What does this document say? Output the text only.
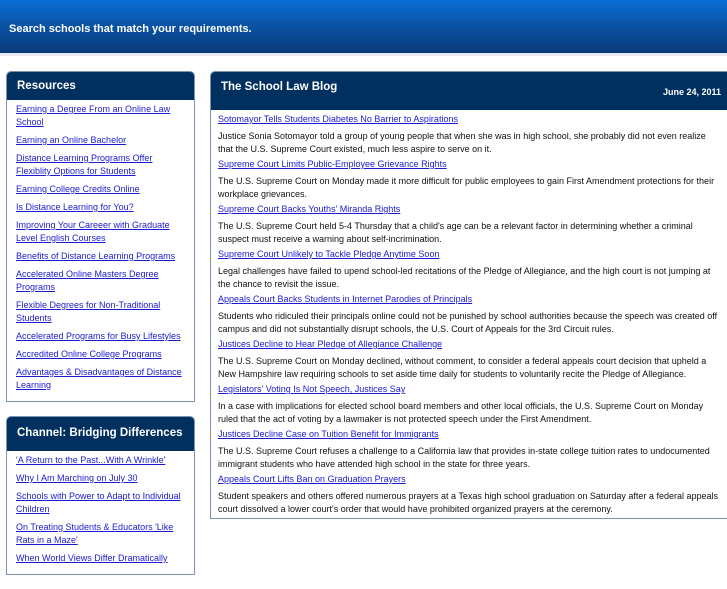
Search schools that match your requirements.
Resources
Earning a Degree From an Online Law School
Earning an Online Bachelor
Distance Learning Programs Offer Flexiblity Options for Students
Earning College Credits Online
Is Distance Learning for You?
Improving Your Careeer with Graduate Level English Courses
Benefits of Distance Learning Programs
Accelerated Online Masters Degree Programs
Flexible Degrees for Non-Traditional Students
Accelerated Programs for Busy Lifestyles
Accredited Online College Programs
Advantages & Disadvantages of Distance Learning
Channel: Bridging Differences
'A Return to the Past...With A Wrinkle'
Why I Am Marching on July 30
Schools with Power to Adapt to Individual Children
On Treating Students & Educators 'Like Rats in a Maze'
When World Views Differ Dramatically
The School Law Blog	June 24, 2011
Sotomayor Tells Students Diabetes No Barrier to Aspirations

Justice Sonia Sotomayor told a group of young people that when she was in high school, she probably did not even realize that the U.S. Supreme Court existed, much less aspire to serve on it.

Supreme Court Limits Public-Employee Grievance Rights

The U.S. Supreme Court on Monday made it more difficult for public employees to gain First Amendment protections for their workplace grievances.

Supreme Court Backs Youths' Miranda Rights

The U.S. Supreme Court held 5-4 Thursday that a child's age can be a relevant factor in determining whether a criminal suspect must receive a warning about self-incrimination.

Supreme Court Unlikely to Tackle Pledge Anytime Soon

Legal challenges have failed to upend school-led recitations of the Pledge of Allegiance, and the high court is not jumping at the chance to revisit the issue.

Appeals Court Backs Students in Internet Parodies of Principals

Students who ridiculed their principals online could not be punished by school authorities because the speech was created off campus and did not substantially disrupt schools, the U.S. Court of Appeals for the 3rd Circuit rules.

Justices Decline to Hear Pledge of Allegiance Challenge

The U.S. Supreme Court on Monday declined, without comment, to consider a federal appeals court decision that upheld a New Hampshire law requiring schools to set aside time daily for students to voluntarily recite the Pledge of Allegiance.

Legislators' Voting Is Not Speech, Justices Say

In a case with implications for elected school board members and other local officials, the U.S. Supreme Court on Monday ruled that the act of voting by a lawmaker is not protected speech under the First Amendment.

Justices Decline Case on Tuition Benefit for Immigrants

The U.S. Supreme Court refuses a challenge to a California law that provides in-state college tuition rates to undocumented immigrant students who have attended high school in the state for three years.

Appeals Court Lifts Ban on Graduation Prayers

Student speakers and others offered numerous prayers at a Texas high school graduation on Saturday after a federal appeals court dissolved a lower court's order that would have prohibited organized prayers at the ceremony.
